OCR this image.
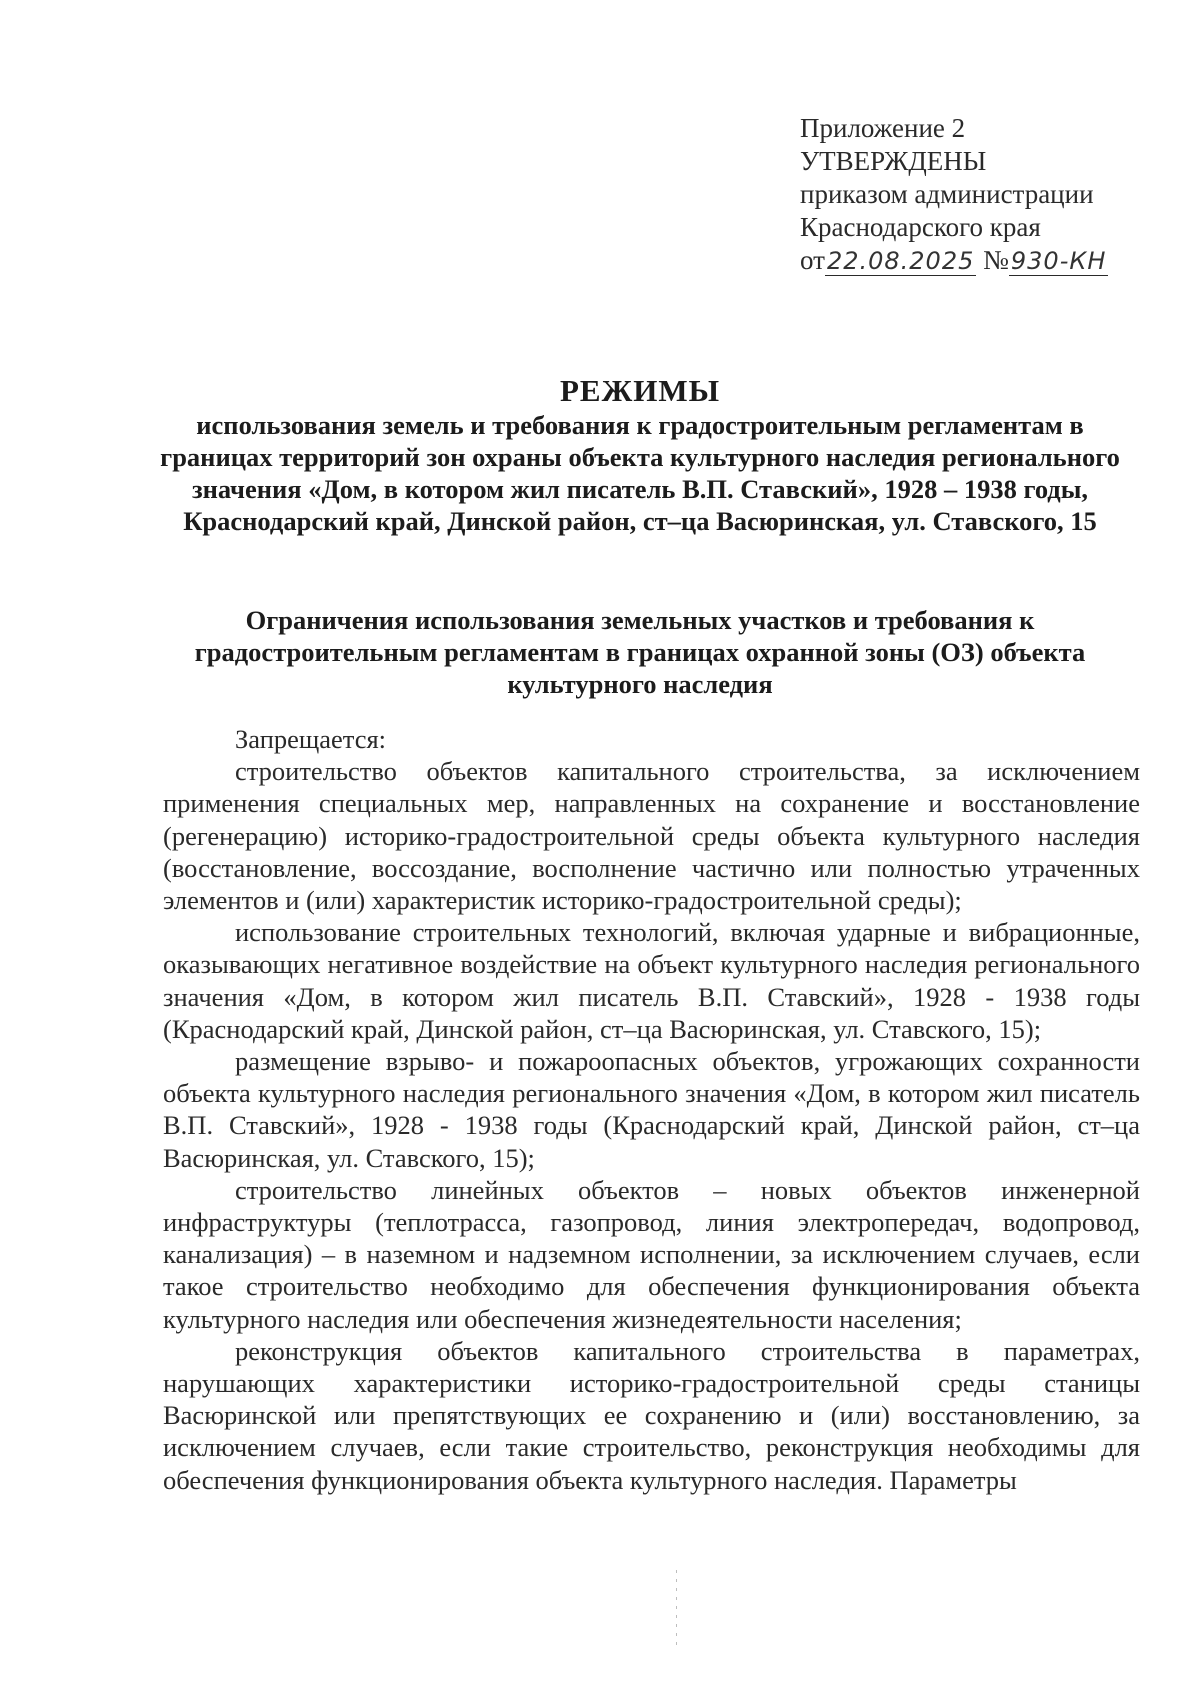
Приложение 2

УТВЕРЖДЕНЫ

приказом администрации

Краснодарского края

от22.08.2025 №930-КН

РЕЖИМЫ

использования земель и требования к градостроительным регламентам в границах территорий зон охраны объекта культурного наследия регионального значения «Дом, в котором жил писатель В.П. Ставский», 1928 – 1938 годы, Краснодарский край, Динской район, ст–ца Васюринская, ул. Ставского, 15

Ограничения использования земельных участков и требования к градостроительным регламентам в границах охранной зоны (ОЗ) объекта культурного наследия

Запрещается:

строительство объектов капитального строительства, за исключением применения специальных мер, направленных на сохранение и восстановление (регенерацию) историко-градостроительной среды объекта культурного наследия (восстановление, воссоздание, восполнение частично или полностью утраченных элементов и (или) характеристик историко-градостроительной среды);

использование строительных технологий, включая ударные и вибрационные, оказывающих негативное воздействие на объект культурного наследия регионального значения «Дом, в котором жил писатель В.П. Ставский», 1928 - 1938 годы (Краснодарский край, Динской район, ст–ца Васюринская, ул. Ставского, 15);

размещение взрыво- и пожароопасных объектов, угрожающих сохранности объекта культурного наследия регионального значения «Дом, в котором жил писатель В.П. Ставский», 1928 - 1938 годы (Краснодарский край, Динской район, ст–ца Васюринская, ул. Ставского, 15);

строительство линейных объектов – новых объектов инженерной инфраструктуры (теплотрасса, газопровод, линия электропередач, водопровод, канализация) – в наземном и надземном исполнении, за исключением случаев, если такое строительство необходимо для обеспечения функционирования объекта культурного наследия или обеспечения жизнедеятельности населения;

реконструкция объектов капитального строительства в параметрах, нарушающих характеристики историко-градостроительной среды станицы Васюринской или препятствующих ее сохранению и (или) восстановлению, за исключением случаев, если такие строительство, реконструкция необходимы для обеспечения функционирования объекта культурного наследия. Параметры
